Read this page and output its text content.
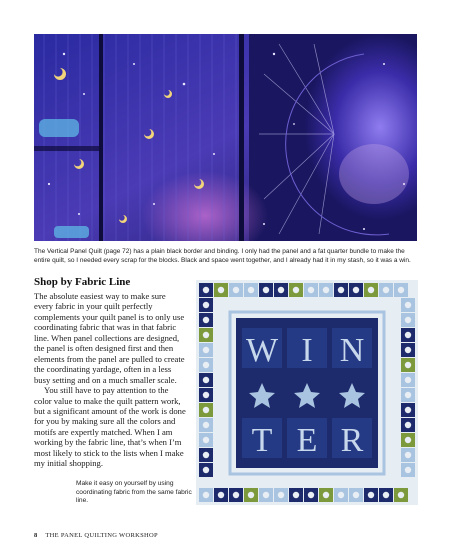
The Vertical Panel Quilt (page 72) has a plain black border and binding. I only had the panel and a fat quarter bundle to make the entire quilt, so I needed every scrap for the blocks. Black and space went together, and I already had it in my stash, so it was a win.
Shop by Fabric Line

The absolute easiest way to make sure every fabric in your quilt perfectly complements your quilt panel is to only use coordinating fabric that was in that fabric line. When panel collections are designed, the panel is often designed first and then elements from the panel are pulled to create the coordinating yardage, often in a less busy setting and on a much smaller scale.

You still have to pay attention to the color value to make the quilt pattern work, but a significant amount of the work is done for you by making sure all the colors and motifs are expertly matched. When I am working by the fabric line, that’s when I’m most likely to stick to the lists when I make my initial shopping.

W I N
T E R
Make it easy on yourself by using coordinating fabric from the same fabric line.
8 THE PANEL QUILTING WORKSHOP
